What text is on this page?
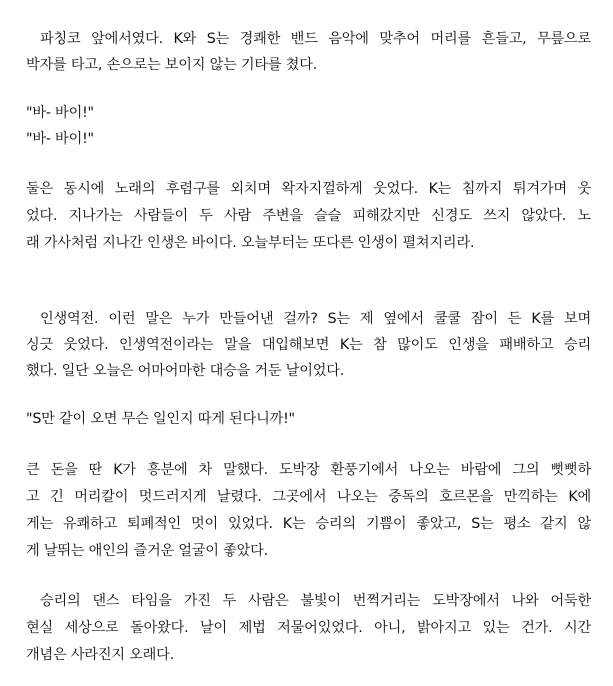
파칭코 앞에서였다. K와 S는 경쾌한 밴드 음악에 맞추어 머리를 흔들고, 무릎으로
박자를 타고, 손으로는 보이지 않는 기타를 쳤다.
"바- 바이!"
"바- 바이!"
둘은 동시에 노래의 후렴구를 외치며 왁자지껄하게 웃었다. K는 침까지 튀겨가며 웃
었다. 지나가는 사람들이 두 사람 주변을 슬슬 피해갔지만 신경도 쓰지 않았다. 노
래 가사처럼 지나간 인생은 바이다. 오늘부터는 또다른 인생이 펼쳐지리라.
인생역전. 이런 말은 누가 만들어낸 걸까? S는 제 옆에서 쿨쿨 잠이 든 K를 보며
싱긋 웃었다. 인생역전이라는 말을 대입해보면 K는 참 많이도 인생을 패배하고 승리
했다. 일단 오늘은 어마어마한 대승을 거둔 날이었다.
"S만 같이 오면 무슨 일인지 따게 된다니까!"
큰 돈을 딴 K가 흥분에 차 말했다. 도박장 환풍기에서 나오는 바람에 그의 뻣뻣하
고 긴 머리칼이 멋드러지게 날렸다. 그곳에서 나오는 중독의 호르몬을 만끽하는 K에
게는 유쾌하고 퇴폐적인 멋이 있었다. K는 승리의 기쁨이 좋았고, S는 평소 같지 않
게 날뛰는 애인의 즐거운 얼굴이 좋았다.
승리의 댄스 타임을 가진 두 사람은 불빛이 번쩍거리는 도박장에서 나와 어둑한
현실 세상으로 돌아왔다. 날이 제법 저물어있었다. 아니, 밝아지고 있는 건가. 시간
개념은 사라진지 오래다.
